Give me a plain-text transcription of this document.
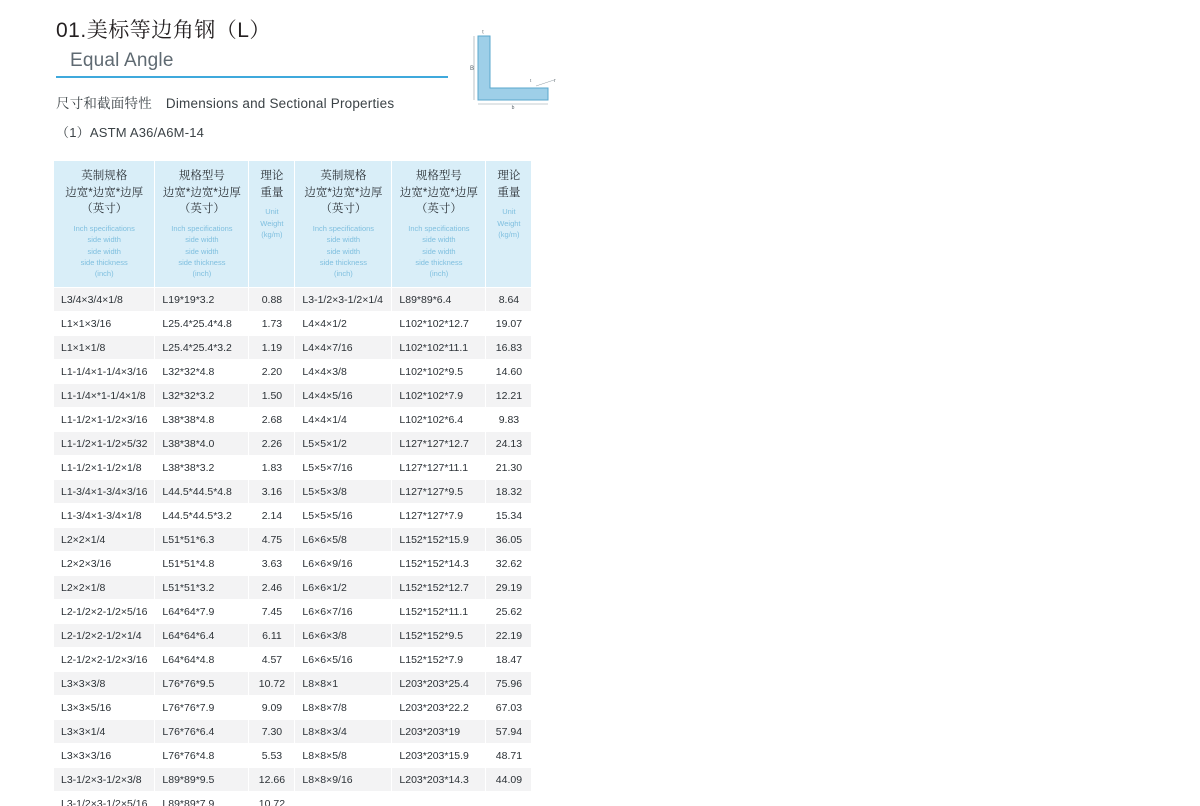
01.美标等边角钢（L）
Equal Angle
尺寸和截面特性 Dimensions and Sectional Properties
（1）ASTM A36/A6M-14
t
B
b
r
t
英制规格
边宽*边宽*边厚
（英寸）
Inch specifications
side width
side width
side thickness
(inch)

规格型号
边宽*边宽*边厚
（英寸）
Inch specifications
side width
side width
side thickness
(inch)

理论
重量
Unit
Weight
(kg/m)

英制规格
边宽*边宽*边厚
（英寸）
Inch specifications
side width
side width
side thickness
(inch)

规格型号
边宽*边宽*边厚
（英寸）
Inch specifications
side width
side width
side thickness
(inch)

理论
重量
Unit
Weight
(kg/m)

L3/4×3/4×1/8	L19*19*3.2	0.88	L3-1/2×3-1/2×1/4	L89*89*6.4	8.64
L1×1×3/16	L25.4*25.4*4.8	1.73	L4×4×1/2	L102*102*12.7	19.07
L1×1×1/8	L25.4*25.4*3.2	1.19	L4×4×7/16	L102*102*11.1	16.83
L1-1/4×1-1/4×3/16	L32*32*4.8	2.20	L4×4×3/8	L102*102*9.5	14.60
L1-1/4×*1-1/4×1/8	L32*32*3.2	1.50	L4×4×5/16	L102*102*7.9	12.21
L1-1/2×1-1/2×3/16	L38*38*4.8	2.68	L4×4×1/4	L102*102*6.4	9.83
L1-1/2×1-1/2×5/32	L38*38*4.0	2.26	L5×5×1/2	L127*127*12.7	24.13
L1-1/2×1-1/2×1/8	L38*38*3.2	1.83	L5×5×7/16	L127*127*11.1	21.30
L1-3/4×1-3/4×3/16	L44.5*44.5*4.8	3.16	L5×5×3/8	L127*127*9.5	18.32
L1-3/4×1-3/4×1/8	L44.5*44.5*3.2	2.14	L5×5×5/16	L127*127*7.9	15.34
L2×2×1/4	L51*51*6.3	4.75	L6×6×5/8	L152*152*15.9	36.05
L2×2×3/16	L51*51*4.8	3.63	L6×6×9/16	L152*152*14.3	32.62
L2×2×1/8	L51*51*3.2	2.46	L6×6×1/2	L152*152*12.7	29.19
L2-1/2×2-1/2×5/16	L64*64*7.9	7.45	L6×6×7/16	L152*152*11.1	25.62
L2-1/2×2-1/2×1/4	L64*64*6.4	6.11	L6×6×3/8	L152*152*9.5	22.19
L2-1/2×2-1/2×3/16	L64*64*4.8	4.57	L6×6×5/16	L152*152*7.9	18.47
L3×3×3/8	L76*76*9.5	10.72	L8×8×1	L203*203*25.4	75.96
L3×3×5/16	L76*76*7.9	9.09	L8×8×7/8	L203*203*22.2	67.03
L3×3×1/4	L76*76*6.4	7.30	L8×8×3/4	L203*203*19	57.94
L3×3×3/16	L76*76*4.8	5.53	L8×8×5/8	L203*203*15.9	48.71
L3-1/2×3-1/2×3/8	L89*89*9.5	12.66	L8×8×9/16	L203*203*14.3	44.09
L3-1/2×3-1/2×5/16	L89*89*7.9	10.72			
